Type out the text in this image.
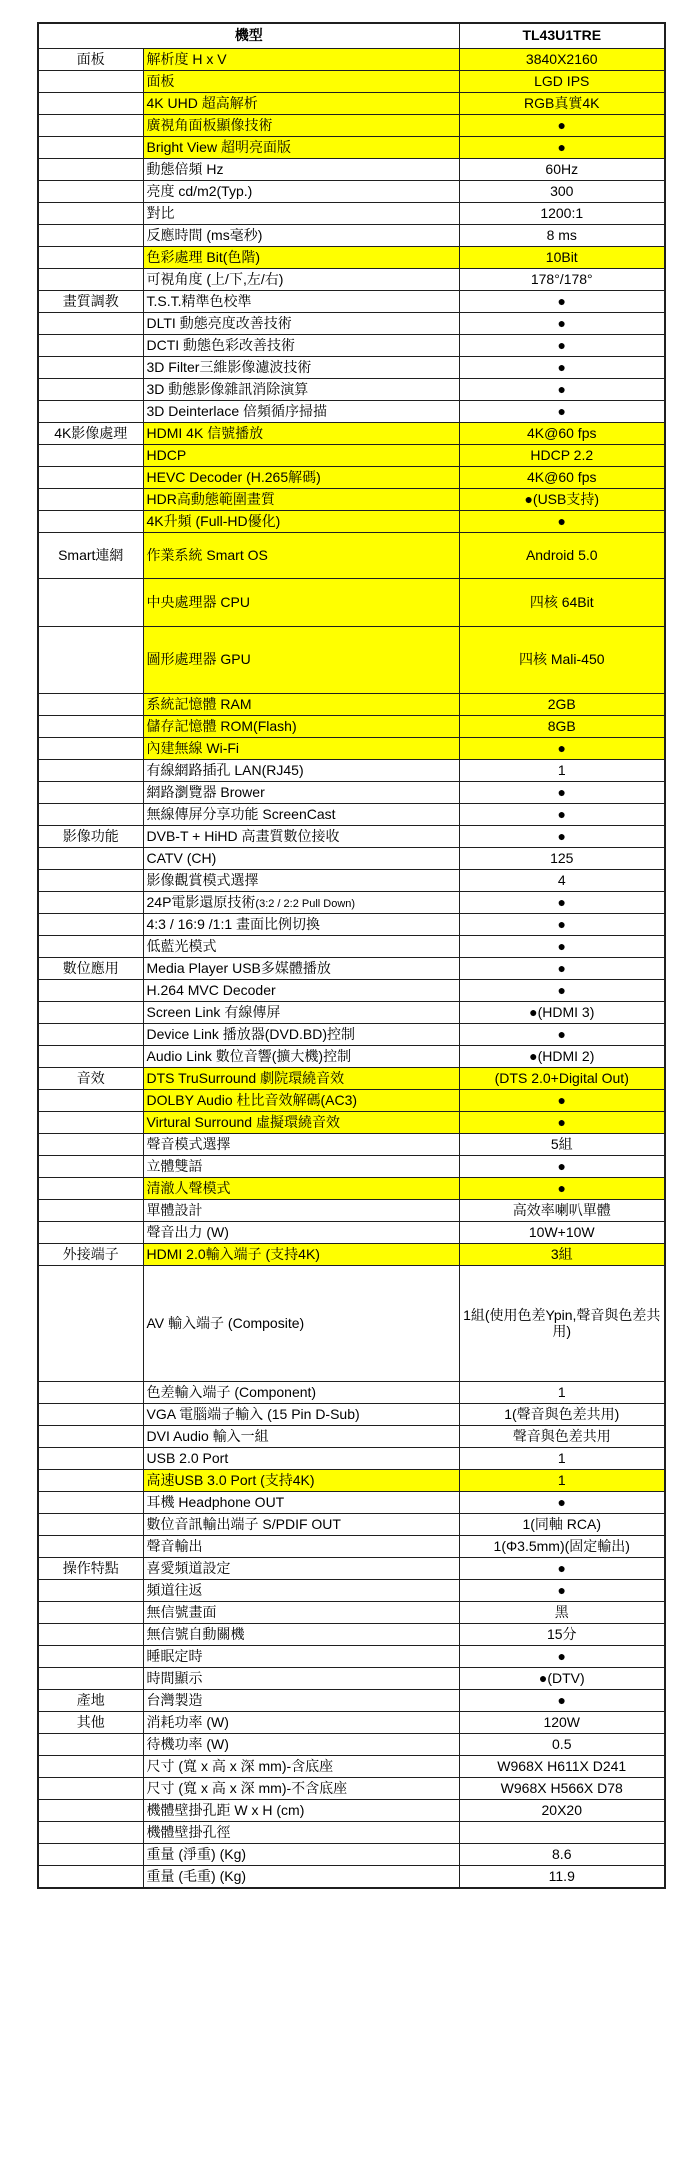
機型		TL43U1TRE
面板	解析度 H x V	3840X2160
	面板	LGD IPS
	4K UHD 超高解析	RGB真實4K
	廣視角面板顯像技術	●
	Bright View 超明亮面版	●
	動態倍頻 Hz	60Hz
	亮度 cd/m2(Typ.)	300
	對比	1200:1
	反應時間 (ms毫秒)	8 ms
	色彩處理 Bit(色階)	10Bit
	可視角度 (上/下,左/右)	178°/178°
畫質調教	T.S.T.精準色校準	●
	DLTI 動態亮度改善技術	●
	DCTI 動態色彩改善技術	●
	3D Filter三維影像濾波技術	●
	3D 動態影像雜訊消除演算	●
	3D Deinterlace 倍頻循序掃描	●
4K影像處理	HDMI 4K 信號播放	4K@60 fps
	HDCP	HDCP 2.2
	HEVC Decoder (H.265解碼)	4K@60 fps
	HDR高動態範圍畫質	●(USB支持)
	4K升頻 (Full-HD優化)	●
Smart連網	作業系統 Smart OS	Android 5.0
	中央處理器 CPU	四核 64Bit
	圖形處理器 GPU	四核 Mali-450
	系統記憶體 RAM	2GB
	儲存記憶體 ROM(Flash)	8GB
	內建無線 Wi-Fi	●
	有線網路插孔 LAN(RJ45)	1
	網路瀏覽器 Brower	●
	無線傳屏分享功能 ScreenCast	●
影像功能	DVB-T + HiHD 高畫質數位接收	●
	CATV (CH)	125
	影像觀賞模式選擇	4
	24P電影還原技術(3:2 / 2:2 Pull Down)	●
	4:3 / 16:9 /1:1 畫面比例切換	●
	低藍光模式	●
數位應用	Media Player USB多媒體播放	●
	H.264 MVC Decoder	●
	Screen Link 有線傳屏	●(HDMI 3)
	Device Link 播放器(DVD.BD)控制	●
	Audio Link 數位音響(擴大機)控制	●(HDMI 2)
音效	DTS TruSurround 劇院環繞音效	(DTS 2.0+Digital Out)
	DOLBY Audio 杜比音效解碼(AC3)	●
	Virtural Surround 虛擬環繞音效	●
	聲音模式選擇	5組
	立體雙語	●
	清澈人聲模式	●
	單體設計	高效率喇叭單體
	聲音出力 (W)	10W+10W
外接端子	HDMI 2.0輸入端子 (支持4K)	3組
	AV 輸入端子 (Composite)	1組(使用色差Ypin,聲音與色差共用)
	色差輸入端子 (Component)	1
	VGA 電腦端子輸入 (15 Pin D-Sub)	1(聲音與色差共用)
	DVI Audio 輸入一組	聲音與色差共用
	USB 2.0 Port	1
	高速USB 3.0 Port (支持4K)	1
	耳機 Headphone OUT	●
	數位音訊輸出端子 S/PDIF OUT	1(同軸 RCA)
	聲音輸出	1(Φ3.5mm)(固定輸出)
操作特點	喜愛頻道設定	●
	頻道往返	●
	無信號畫面	黑
	無信號自動關機	15分
	睡眠定時	●
	時間顯示	●(DTV)
產地	台灣製造	●
其他	消耗功率 (W)	120W
	待機功率 (W)	0.5
	尺寸 (寬 x 高 x 深 mm)-含底座	W968X H611X D241
	尺寸 (寬 x 高 x 深 mm)-不含底座	W968X H566X D78
	機體壁掛孔距 W x H (cm)	20X20
	機體壁掛孔徑	
	重量 (淨重) (Kg)	8.6
	重量 (毛重) (Kg)	11.9
